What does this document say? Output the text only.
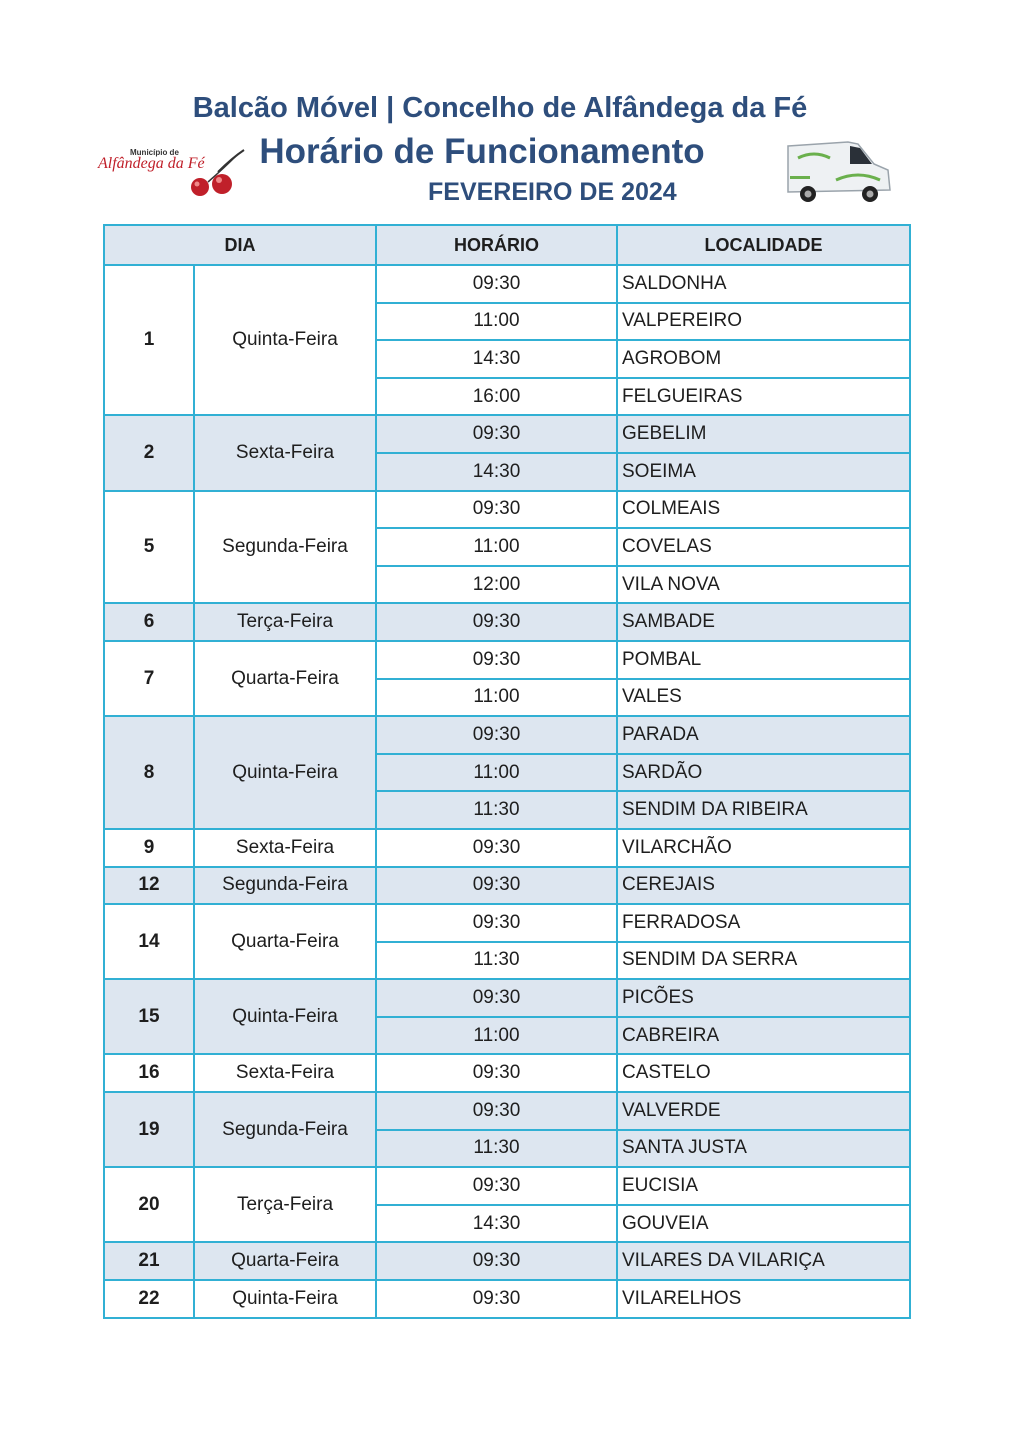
Balcão Móvel | Concelho de Alfândega da Fé
Horário de Funcionamento
FEVEREIRO DE 2024
Município de
Alfândega da Fé
DIA		HORÁRIO	LOCALIDADE
1	Quinta-Feira	09:30	SALDONHA
		11:00	VALPEREIRO
		14:30	AGROBOM
		16:00	FELGUEIRAS
2	Sexta-Feira	09:30	GEBELIM
		14:30	SOEIMA
5	Segunda-Feira	09:30	COLMEAIS
		11:00	COVELAS
		12:00	VILA NOVA
6	Terça-Feira	09:30	SAMBADE
7	Quarta-Feira	09:30	POMBAL
		11:00	VALES
8	Quinta-Feira	09:30	PARADA
		11:00	SARDÃO
		11:30	SENDIM DA RIBEIRA
9	Sexta-Feira	09:30	VILARCHÃO
12	Segunda-Feira	09:30	CEREJAIS
14	Quarta-Feira	09:30	FERRADOSA
		11:30	SENDIM DA SERRA
15	Quinta-Feira	09:30	PICÕES
		11:00	CABREIRA
16	Sexta-Feira	09:30	CASTELO
19	Segunda-Feira	09:30	VALVERDE
		11:30	SANTA JUSTA
20	Terça-Feira	09:30	EUCISIA
		14:30	GOUVEIA
21	Quarta-Feira	09:30	VILARES DA VILARIÇA
22	Quinta-Feira	09:30	VILARELHOS
